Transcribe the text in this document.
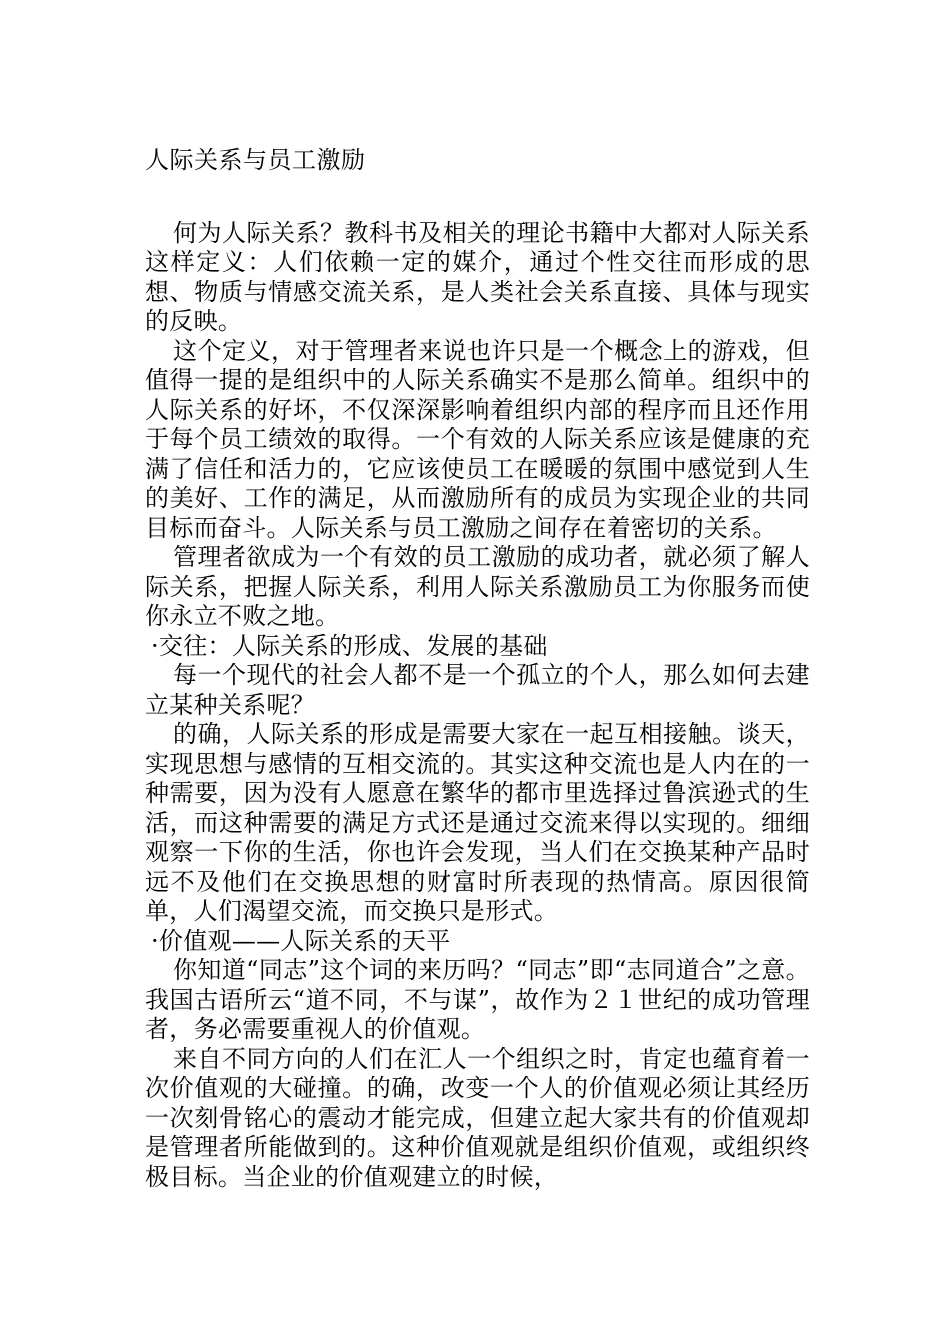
人际关系与员工激励

何为人际关系？教科书及相关的理论书籍中大都对人际关系这样定义：人们依赖一定的媒介，通过个性交往而形成的思想、物质与情感交流关系，是人类社会关系直接、具体与现实的反映。

这个定义，对于管理者来说也许只是一个概念上的游戏，但值得一提的是组织中的人际关系确实不是那么简单。组织中的人际关系的好坏，不仅深深影响着组织内部的程序而且还作用于每个员工绩效的取得。一个有效的人际关系应该是健康的充满了信任和活力的，它应该使员工在暖暖的氛围中感觉到人生的美好、工作的满足，从而激励所有的成员为实现企业的共同目标而奋斗。人际关系与员工激励之间存在着密切的关系。

管理者欲成为一个有效的员工激励的成功者，就必须了解人际关系，把握人际关系，利用人际关系激励员工为你服务而使你永立不败之地。

·交往：人际关系的形成、发展的基础

每一个现代的社会人都不是一个孤立的个人，那么如何去建立某种关系呢？

的确，人际关系的形成是需要大家在一起互相接触。谈天，实现思想与感情的互相交流的。其实这种交流也是人内在的一种需要，因为没有人愿意在繁华的都市里选择过鲁滨逊式的生活，而这种需要的满足方式还是通过交流来得以实现的。细细观察一下你的生活，你也许会发现，当人们在交换某种产品时远不及他们在交换思想的财富时所表现的热情高。原因很简单，人们渴望交流，而交换只是形式。

·价值观——人际关系的天平

你知道“同志”这个词的来历吗？“同志”即“志同道合”之意。我国古语所云“道不同，不与谋”，故作为２１世纪的成功管理者，务必需要重视人的价值观。

来自不同方向的人们在汇人一个组织之时，肯定也蕴育着一次价值观的大碰撞。的确，改变一个人的价值观必须让其经历一次刻骨铭心的震动才能完成，但建立起大家共有的价值观却是管理者所能做到的。这种价值观就是组织价值观，或组织终极目标。当企业的价值观建立的时候，
